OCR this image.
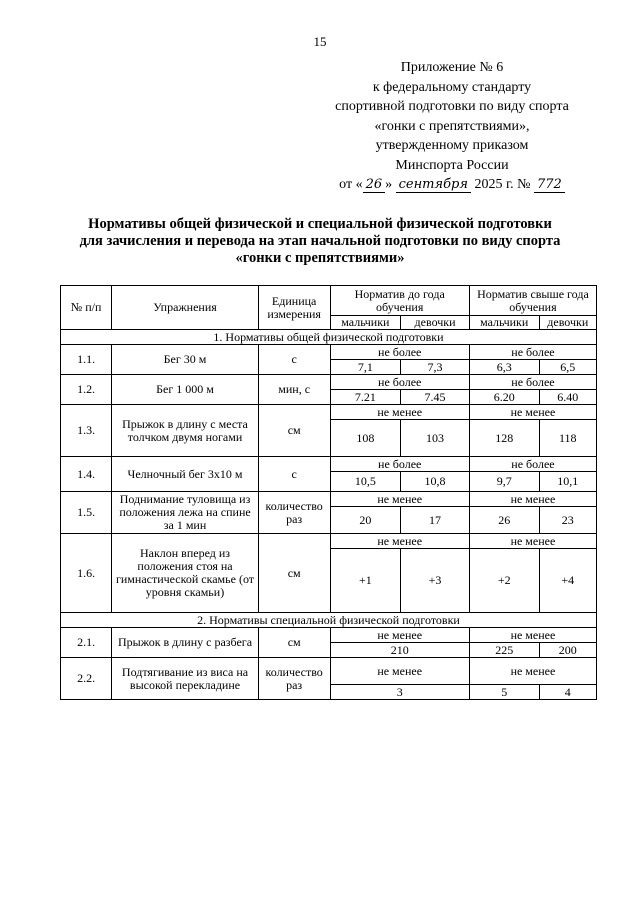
15
Приложение № 6
к федеральному стандарту
спортивной подготовки по виду спорта
«гонки с препятствиями»,
утвержденному приказом
Минспорта России
от « 26 » сентября 2025 г. № 772
Нормативы общей физической и специальной физической подготовки
для зачисления и перевода на этап начальной подготовки по виду спорта
«гонки с препятствиями»
№ п/п	Упражнения	Единица измерения	Норматив до года обучения		Норматив свыше года обучения	
			мальчики	девочки	мальчики	девочки
1. Нормативы общей физической подготовки						
1.1.	Бег 30 м	с	не более		не более	
			7,1	7,3	6,3	6,5
1.2.	Бег 1 000 м	мин, с	не более		не более	
			7.21	7.45	6.20	6.40
1.3.	Прыжок в длину с места толчком двумя ногами	см	не менее		не менее	
			108	103	128	118
1.4.	Челночный бег 3х10 м	с	не более		не более	
			10,5	10,8	9,7	10,1
1.5.	Поднимание туловища из положения лежа на спине за 1 мин	количество раз	не менее		не менее	
			20	17	26	23
1.6.	Наклон вперед из положения стоя на гимнастической скамье (от уровня скамьи)	см	не менее		не менее	
			+1	+3	+2	+4
2. Нормативы специальной физической подготовки						
2.1.	Прыжок в длину с разбега	см	не менее		не менее	
			210		225	200
2.2.	Подтягивание из виса на высокой перекладине	количество раз	не менее		не менее	
			3		5	4
